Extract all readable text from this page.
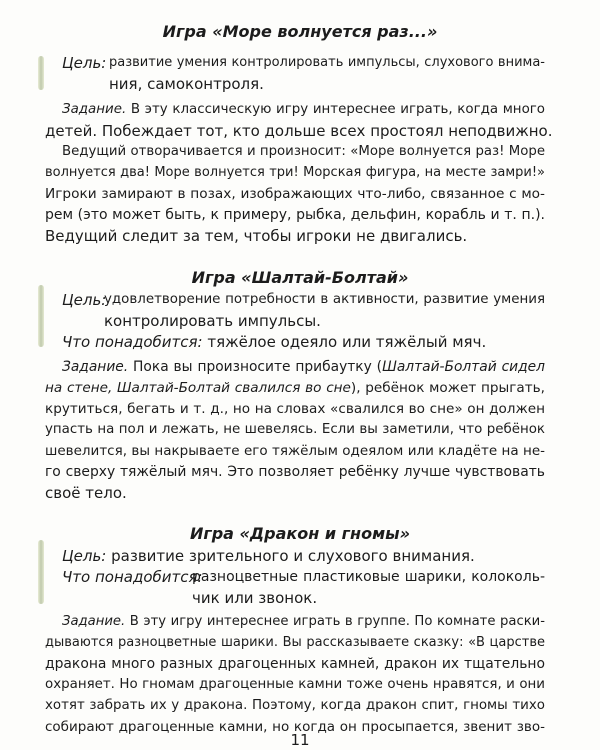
Игра «Море волнуется раз...»
Цель: развитие умения контролировать импульсы, слухового внима-
ния, самоконтроля.
Задание. В эту классическую игру интереснее играть, когда много
детей. Побеждает тот, кто дольше всех простоял неподвижно.
Ведущий отворачивается и произносит: «Море волнуется раз! Море
волнуется два! Море волнуется три! Морская фигура, на месте замри!»
Игроки замирают в позах, изображающих что-либо, связанное с мо-
рем (это может быть, к примеру, рыбка, дельфин, корабль и т. п.).
Ведущий следит за тем, чтобы игроки не двигались.
Игра «Шалтай-Болтай»
Цель:
удовлетворение потребности в активности, развитие умения
контролировать импульсы.
Что понадобится: тяжёлое одеяло или тяжёлый мяч.
Задание. Пока вы произносите прибаутку (Шалтай-Болтай сидел
на стене, Шалтай-Болтай свалился во сне), ребёнок может прыгать,
крутиться, бегать и т. д., но на словах «свалился во сне» он должен
упасть на пол и лежать, не шевелясь. Если вы заметили, что ребёнок
шевелится, вы накрываете его тяжёлым одеялом или кладёте на не-
го сверху тяжёлый мяч. Это позволяет ребёнку лучше чувствовать
своё тело.
Игра «Дракон и гномы»
Цель: развитие зрительного и слухового внимания.
Что понадобится:
разноцветные пластиковые шарики, колоколь-
чик или звонок.
Задание. В эту игру интереснее играть в группе. По комнате раски-
дываются разноцветные шарики. Вы рассказываете сказку: «В царстве
дракона много разных драгоценных камней, дракон их тщательно
охраняет. Но гномам драгоценные камни тоже очень нравятся, и они
хотят забрать их у дракона. Поэтому, когда дракон спит, гномы тихо
собирают драгоценные камни, но когда он просыпается, звенит зво-
11
